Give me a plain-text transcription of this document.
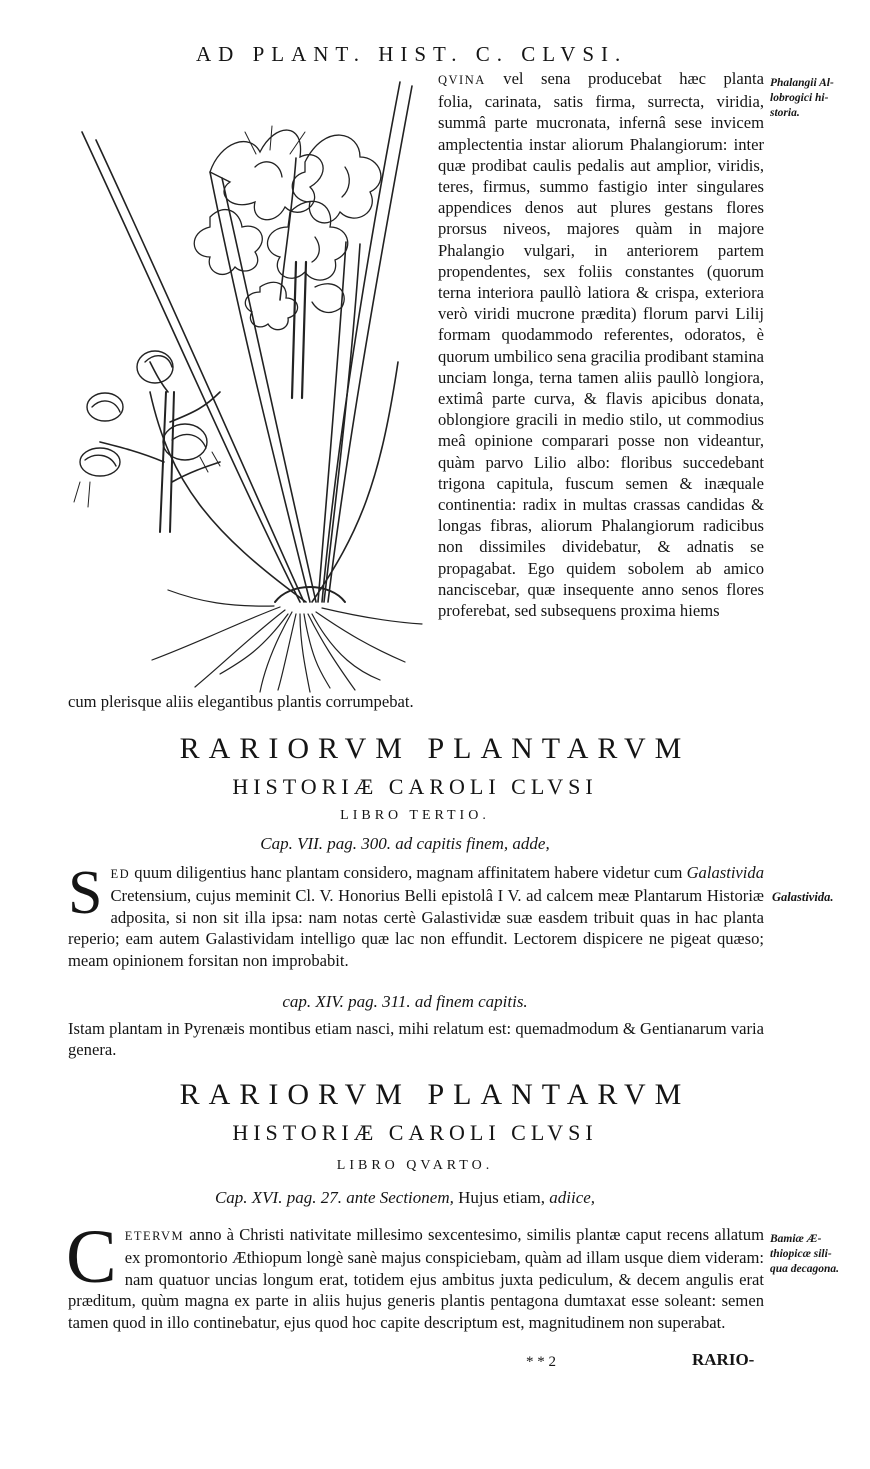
AD PLANT. HIST. C. CLVSI.

QVINA vel sena producebat hæc planta
folia, carinata, satis firma, surrecta, viridia, summâ parte mucronata, infernâ sese invicem amplectentia instar aliorum Phalangiorum: inter quæ prodibat caulis pedalis aut amplior, viridis, teres, firmus, summo fastigio inter singulares appendices denos aut plures gestans flores prorsus niveos, majores quàm in majore Phalangio vulgari, in anteriorem partem propendentes, sex foliis constantes (quorum terna interiora paullò latiora & crispa, exteriora verò viridi mucrone prædita) florum parvi Lilij formam quodammodo referentes, odoratos, è quorum umbilico sena gracilia prodibant stamina unciam longa, terna tamen aliis paullò longiora, extimâ parte curva, & flavis apicibus donata, oblongiore gracili in medio stilo, ut commodius meâ opinione comparari posse non videantur, quàm parvo Lilio albo: floribus succedebant trigona capitula, fuscum semen & inæquale continentia: radix in multas crassas candidas & longas fibras, aliorum Phalangiorum radicibus non dissimiles dividebatur, & adnatis se propagabat. Ego quidem sobolem ab amico nanciscebar, quæ insequente anno senos flores proferebat, sed subsequens proxima hiems

cum plerisque aliis elegantibus plantis corrumpebat.
Phalangii Al-
lobrogici hi-
storia.
RARIORVM PLANTARVM
HISTORIÆ CAROLI CLVSI
LIBRO TERTIO.
Cap. VII. pag. 300. ad capitis finem, adde,

S ED quum diligentius hanc plantam considero, magnam affinitatem habere videtur cum Galastivida Cretensium, cujus meminit Cl. V. Honorius Belli epistolâ I V. ad calcem meæ Plantarum Historiæ adposita, si non sit illa ipsa: nam notas certè Galastividæ suæ easdem tribuit quas in hac planta reperio; eam autem Galastividam intelligo quæ lac non effundit. Lectorem dispicere ne pigeat quæso; meam opinionem forsitan non improbabit.

Galastivida.
cap. XIV. pag. 311. ad finem capitis.

Istam plantam in Pyrenæis montibus etiam nasci, mihi relatum est: quemadmodum & Gentianarum varia genera.

RARIORVM PLANTARVM
HISTORIÆ CAROLI CLVSI
LIBRO QVARTO.
Cap. XVI. pag. 27. ante Sectionem, Hujus etiam, adiice,

C ETERVM anno à Christi nativitate millesimo sexcentesimo, similis plantæ caput recens allatum ex promontorio Æthiopum longè sanè majus conspiciebam, quàm ad illam usque diem videram: nam quatuor uncias longum erat, totidem ejus ambitus juxta pediculum, & decem angulis erat præditum, quùm magna ex parte in aliis hujus generis plantis pentagona dumtaxat esse soleant: semen tamen quod in illo continebatur, ejus quod hoc capite descriptum est, magnitudinem non superabat.

Bamiæ Æ-
thiopicæ sili-
qua decagona.
* * 2	RARIO-
